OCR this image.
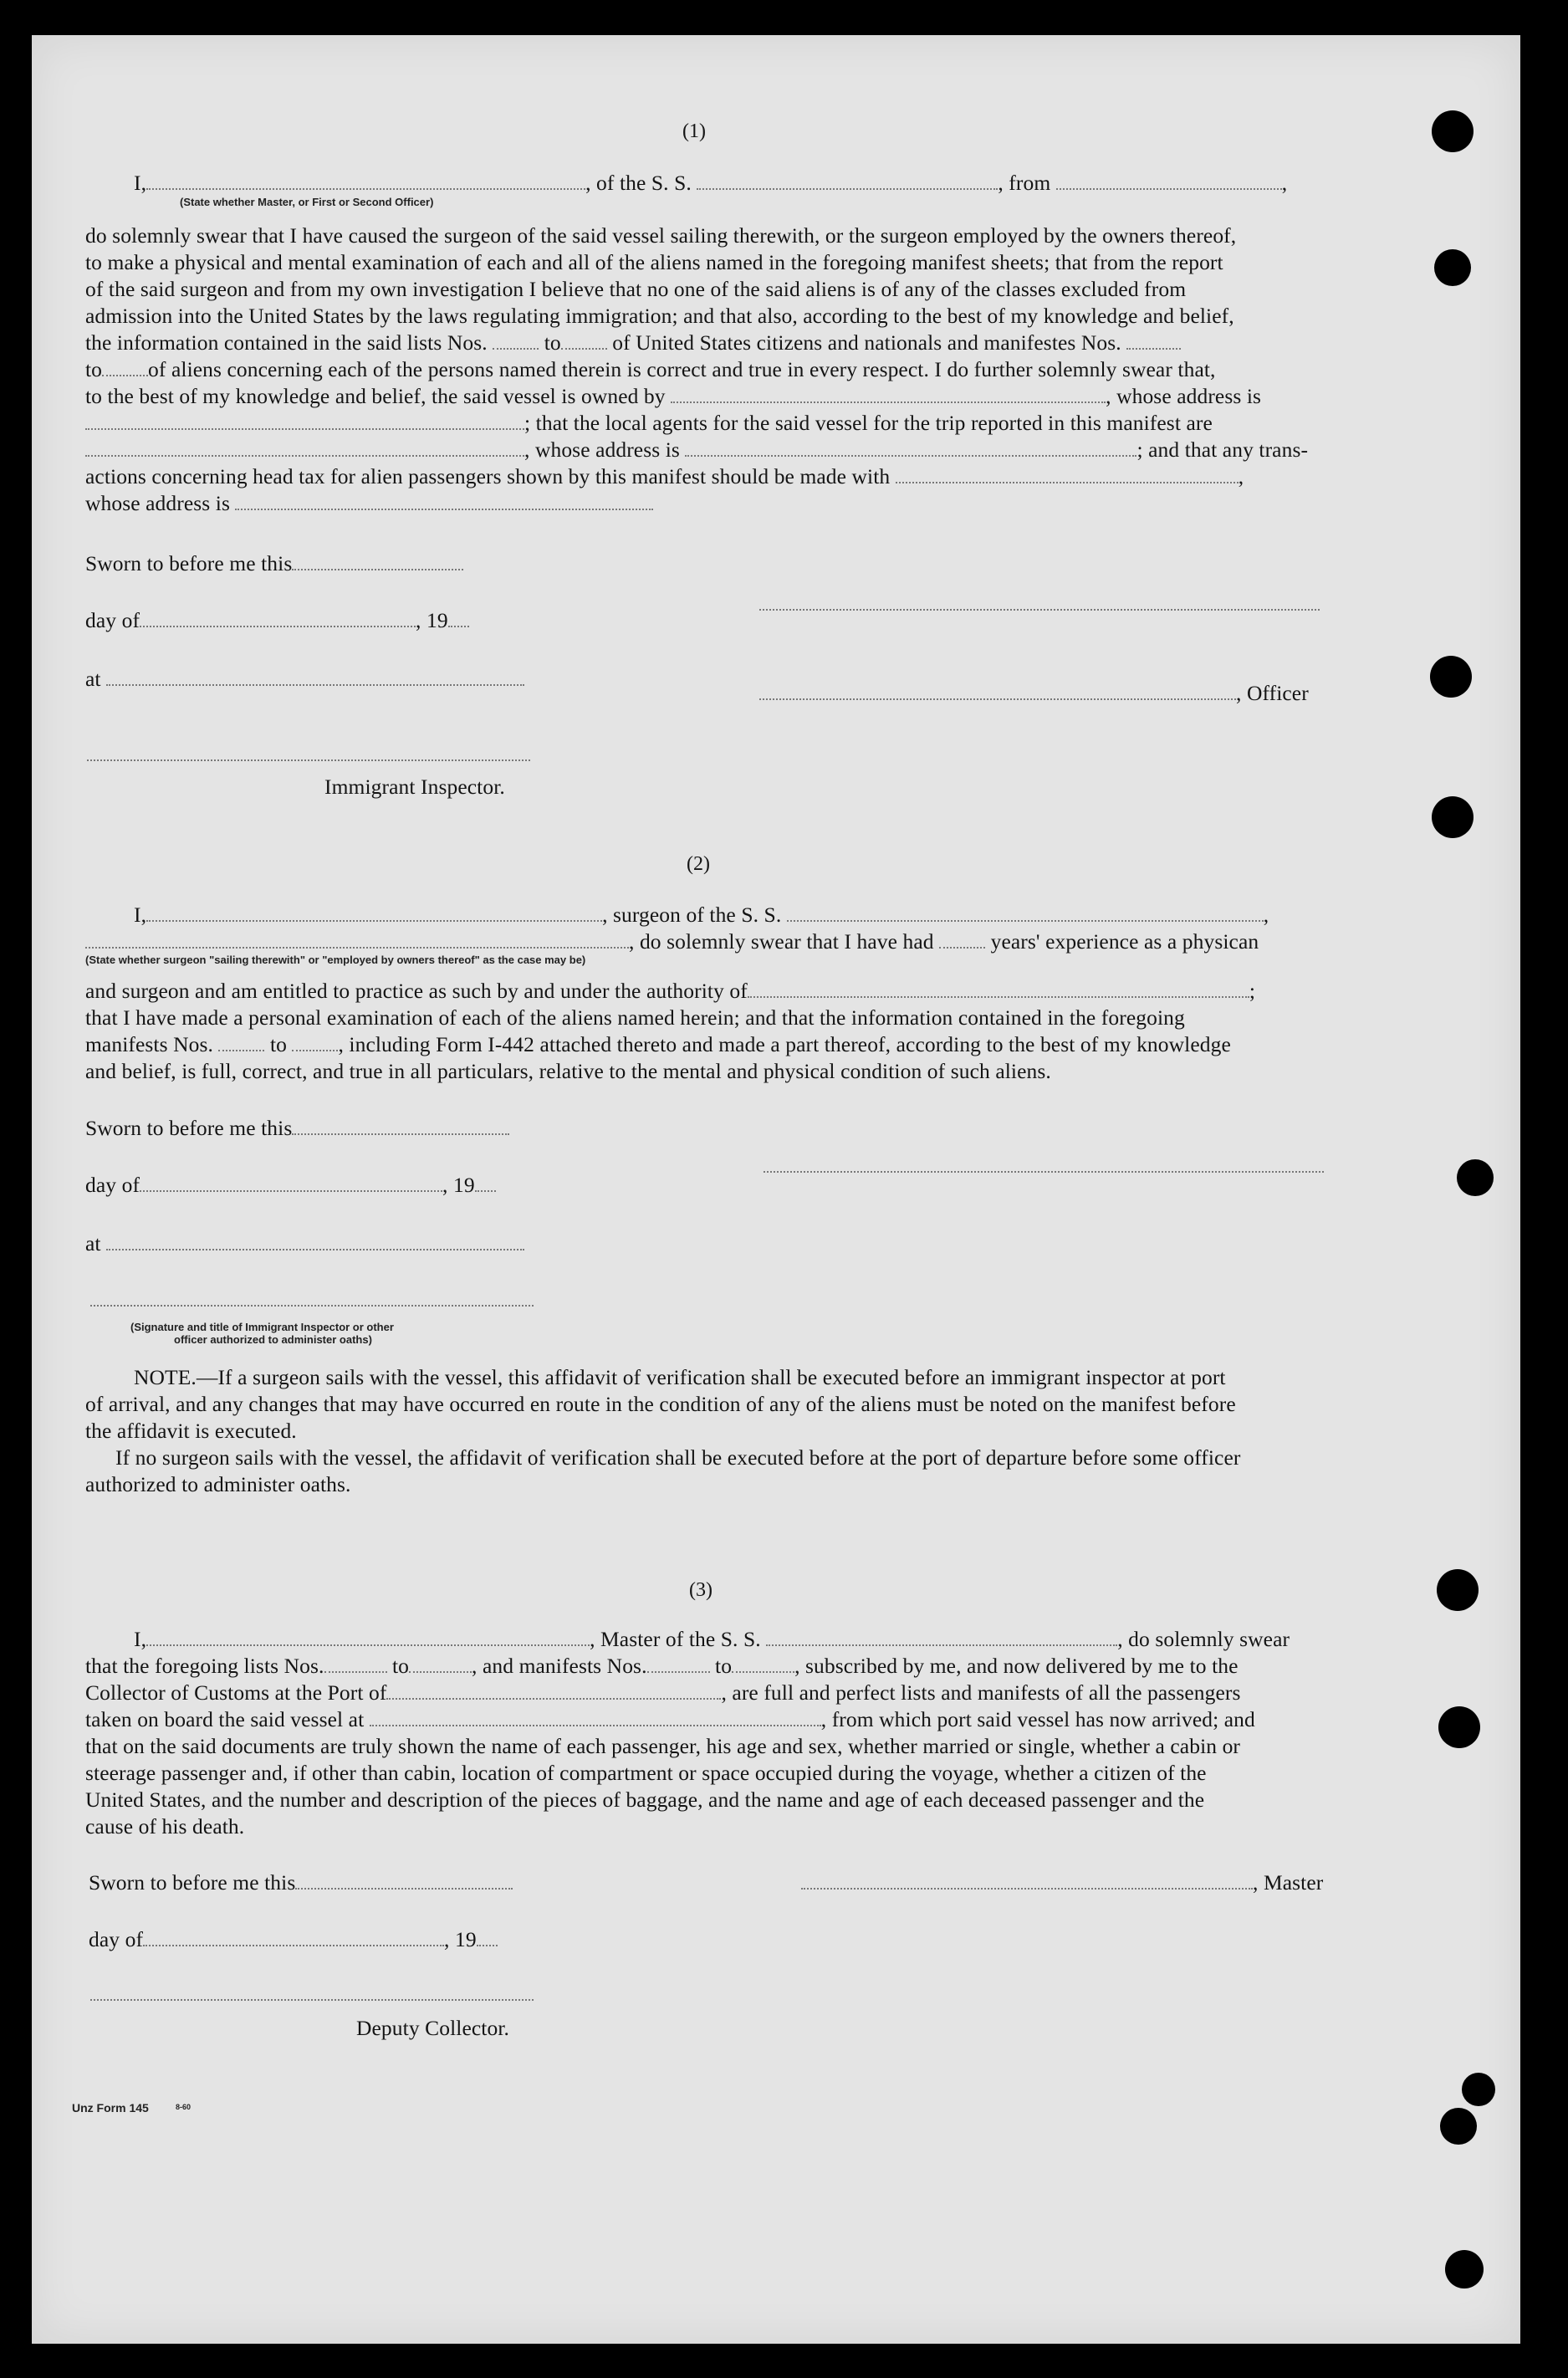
(1)
I,	, of the S. S.	, from	,
(State whether Master, or First or Second Officer)
do solemnly swear that I have caused the surgeon of the said vessel sailing therewith, or the surgeon employed by the owners thereof,
to make a physical and mental examination of each and all of the aliens named in the foregoing manifest sheets; that from the report
of the said surgeon and from my own investigation I believe that no one of the said aliens is of any of the classes excluded from
admission into the United States by the laws regulating immigration; and that also, according to the best of my knowledge and belief,
the information contained in the said lists Nos.	to of United States citizens and nationals and manifestes Nos.
to of aliens concerning each of the persons named therein is correct and true in every respect. I do further solemnly swear that,
to the best of my knowledge and belief, the said vessel is owned by	, whose address is
; that the local agents for the said vessel for the trip reported in this manifest are
, whose address is	; and that any trans-
actions concerning head tax for alien passengers shown by this manifest should be made with	,
whose address is
Sworn to before me this
day of	, 19
at
, Officer
Immigrant Inspector.
(2)
I,	, surgeon of the S. S.	,
, do solemnly swear that I have had	years' experience as a physican
(State whether surgeon "sailing therewith" or "employed by owners thereof" as the case may be)
and surgeon and am entitled to practice as such by and under the authority of	;
that I have made a personal examination of each of the aliens named herein; and that the information contained in the foregoing
manifests Nos.	to , including Form I-442 attached thereto and made a part thereof, according to the best of my knowledge
and belief, is full, correct, and true in all particulars, relative to the mental and physical condition of such aliens.
Sworn to before me this
day of	, 19
at
(Signature and title of Immigrant Inspector or other
officer authorized to administer oaths)
NOTE.—If a surgeon sails with the vessel, this affidavit of verification shall be executed before an immigrant inspector at port
of arrival, and any changes that may have occurred en route in the condition of any of the aliens must be noted on the manifest before
the affidavit is executed.
If no surgeon sails with the vessel, the affidavit of verification shall be executed before at the port of departure before some officer
authorized to administer oaths.
(3)
I,	, Master of the S. S.	, do solemnly swear
that the foregoing lists Nos.	to	, and manifests Nos.	to	, subscribed by me, and now delivered by me to the
Collector of Customs at the Port of	, are full and perfect lists and manifests of all the passengers
taken on board the said vessel at	, from which port said vessel has now arrived; and
that on the said documents are truly shown the name of each passenger, his age and sex, whether married or single, whether a cabin or
steerage passenger and, if other than cabin, location of compartment or space occupied during the voyage, whether a citizen of the
United States, and the number and description of the pieces of baggage, and the name and age of each deceased passenger and the
cause of his death.
Sworn to before me this	, Master
day of	, 19
Deputy Collector.
Unz Form 145	8-60
